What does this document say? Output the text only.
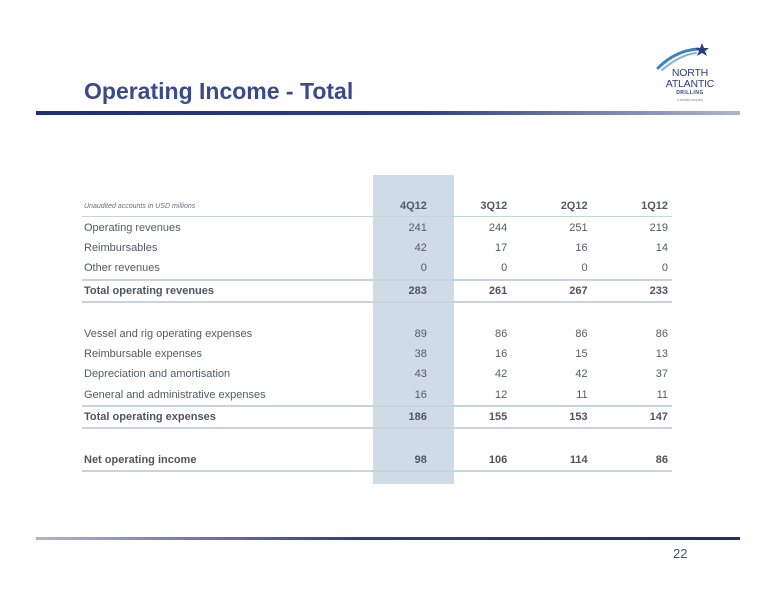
Operating Income - Total
NORTH
ATLANTIC
DRILLING
a seadrill company
Unaudited accounts in USD millions	4Q12	3Q12	2Q12	1Q12
Operating revenues	241	244	251	219
Reimbursables	42	17	16	14
Other revenues	0	0	0	0
Total operating revenues	283	261	267	233

Vessel and rig operating expenses	89	86	86	86
Reimbursable expenses	38	16	15	13
Depreciation and amortisation	43	42	42	37
General and administrative expenses	16	12	11	11
Total operating expenses	186	155	153	147

Net operating income	98	106	114	86
22
